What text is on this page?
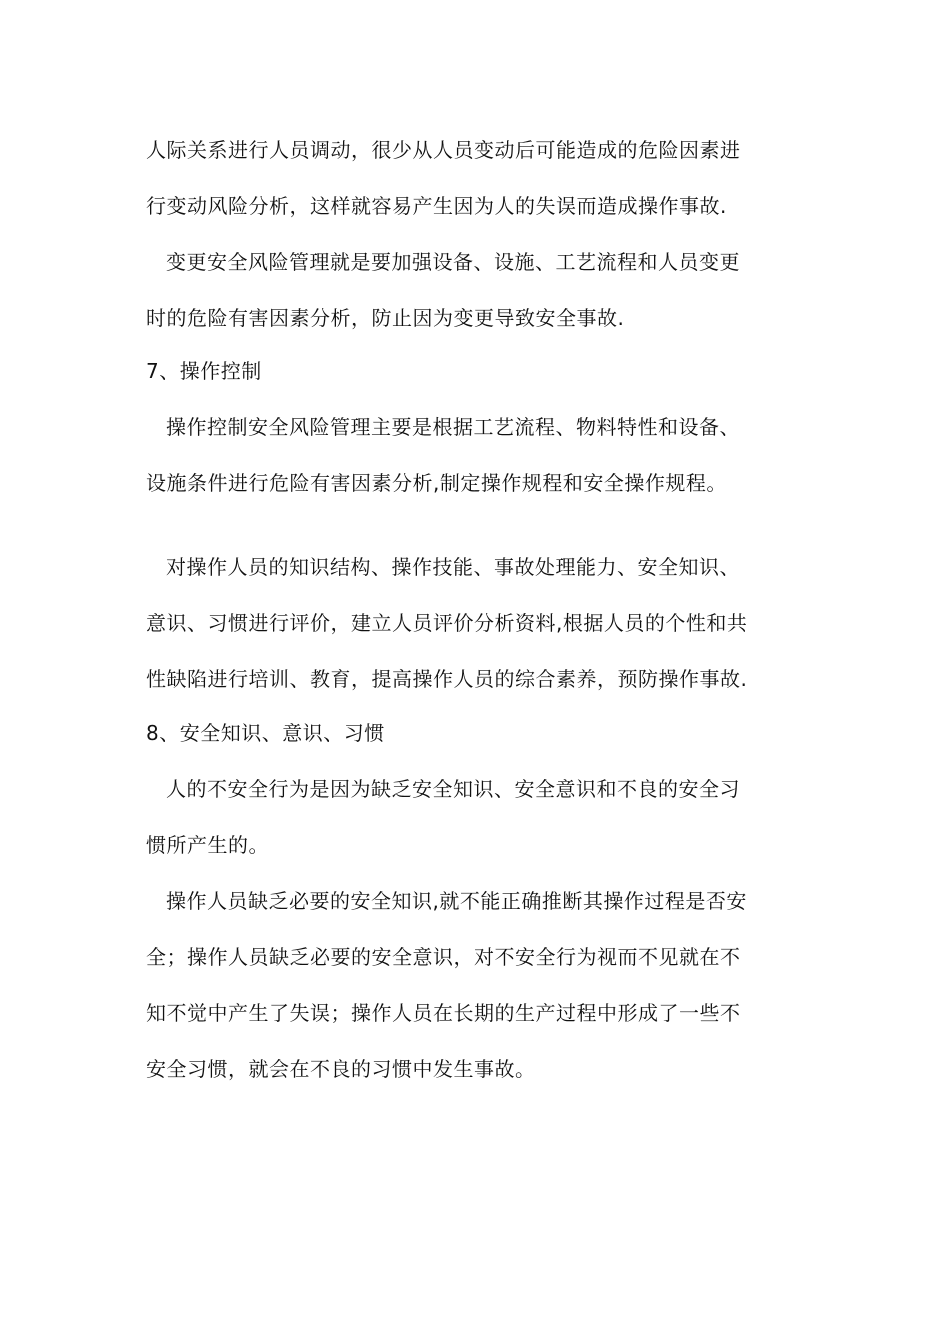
人际关系进行人员调动，很少从人员变动后可能造成的危险因素进
行变动风险分析，这样就容易产生因为人的失误而造成操作事故.
变更安全风险管理就是要加强设备、设施、工艺流程和人员变更
时的危险有害因素分析，防止因为变更导致安全事故.
7、操作控制
操作控制安全风险管理主要是根据工艺流程、物料特性和设备、
设施条件进行危险有害因素分析,制定操作规程和安全操作规程。
对操作人员的知识结构、操作技能、事故处理能力、安全知识、
意识、习惯进行评价，建立人员评价分析资料,根据人员的个性和共
性缺陷进行培训、教育，提高操作人员的综合素养，预防操作事故.
8、安全知识、意识、习惯
人的不安全行为是因为缺乏安全知识、安全意识和不良的安全习
惯所产生的。
操作人员缺乏必要的安全知识,就不能正确推断其操作过程是否安
全；操作人员缺乏必要的安全意识，对不安全行为视而不见就在不
知不觉中产生了失误；操作人员在长期的生产过程中形成了一些不
安全习惯，就会在不良的习惯中发生事故。
